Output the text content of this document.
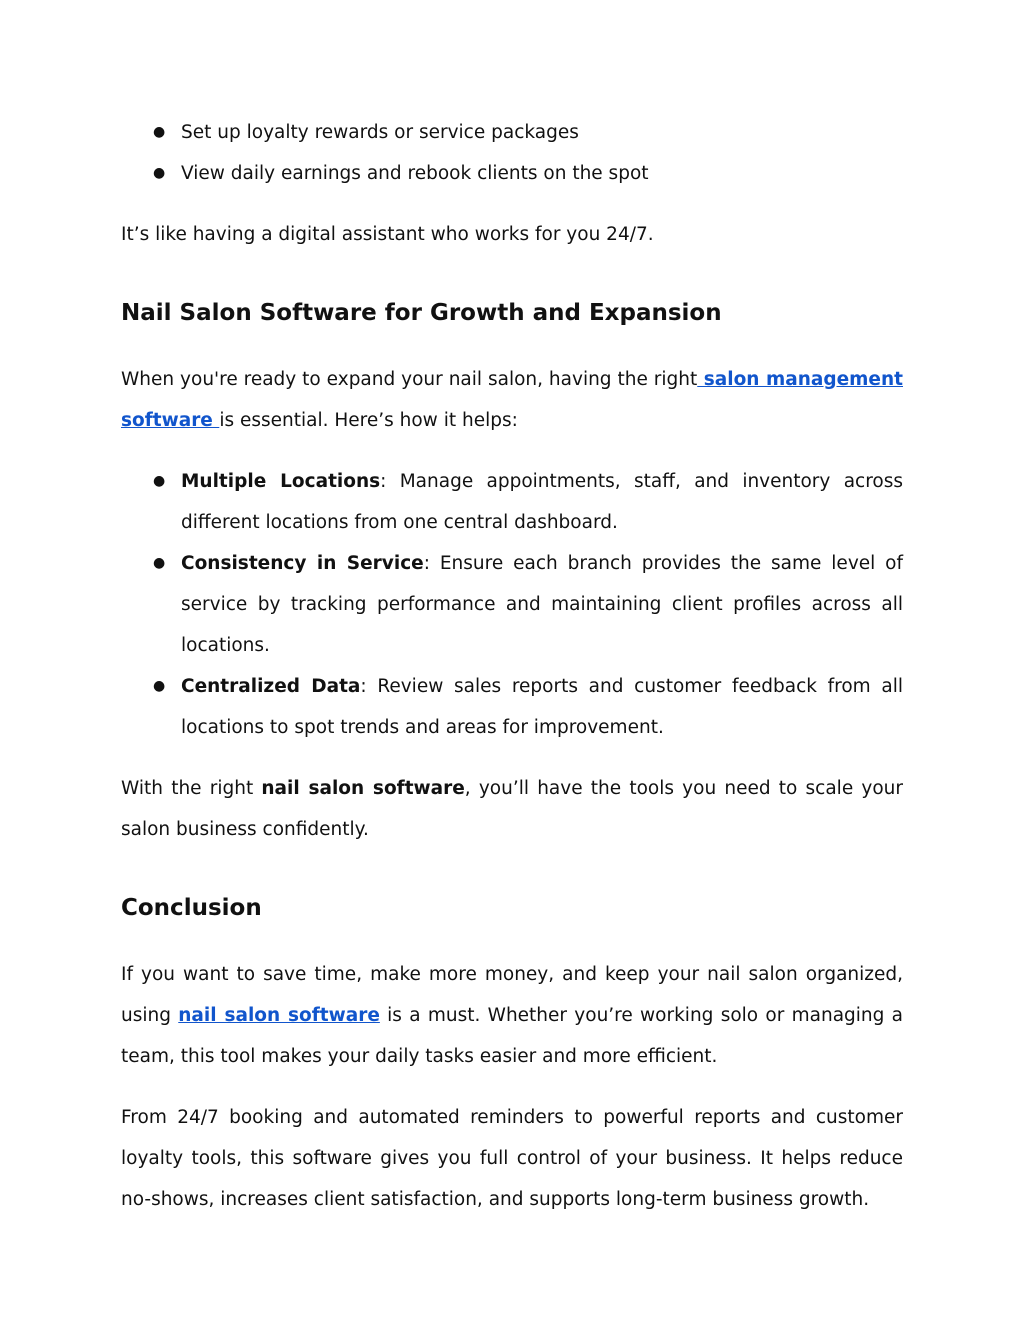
● Set up loyalty rewards or service packages
● View daily earnings and rebook clients on the spot

It’s like having a digital assistant who works for you 24/7.

Nail Salon Software for Growth and Expansion

When you're ready to expand your nail salon, having the right salon management software is essential. Here’s how it helps:

● Multiple Locations: Manage appointments, staff, and inventory across different locations from one central dashboard.
● Consistency in Service: Ensure each branch provides the same level of service by tracking performance and maintaining client profiles across all locations.
● Centralized Data: Review sales reports and customer feedback from all locations to spot trends and areas for improvement.

With the right nail salon software, you’ll have the tools you need to scale your salon business confidently.

Conclusion

If you want to save time, make more money, and keep your nail salon organized, using nail salon software is a must. Whether you’re working solo or managing a team, this tool makes your daily tasks easier and more efficient.

From 24/7 booking and automated reminders to powerful reports and customer loyalty tools, this software gives you full control of your business. It helps reduce no-shows, increases client satisfaction, and supports long-term business growth.
